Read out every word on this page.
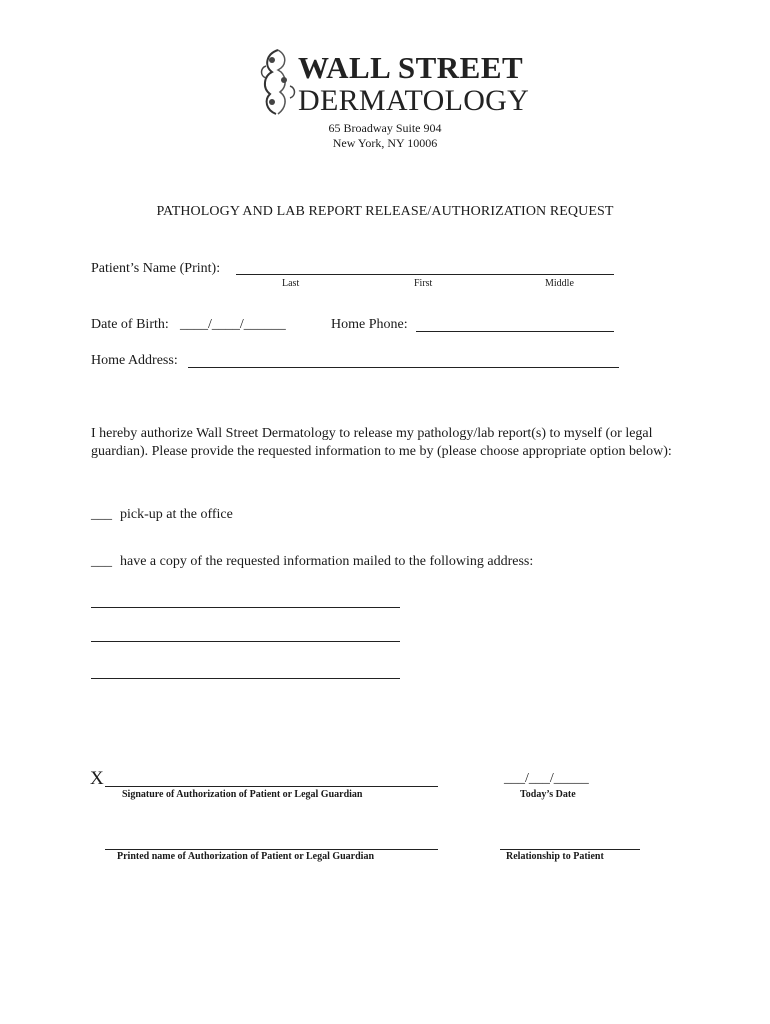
WALL STREET
DERMATOLOGY
65 Broadway Suite 904
New York, NY 10006
PATHOLOGY AND LAB REPORT RELEASE/AUTHORIZATION REQUEST
Patient’s Name (Print):
Last	First	Middle
Date of Birth: ____/____/______	Home Phone:
Home Address:
I hereby authorize Wall Street Dermatology to release my pathology/lab report(s) to myself (or legal guardian). Please provide the requested information to me by (please choose appropriate option below):
___ pick-up at the office
___ have a copy of the requested information mailed to the following address:
X
Signature of Authorization of Patient or Legal Guardian
___/___/_____
Today’s Date
Printed name of Authorization of Patient or Legal Guardian	Relationship to Patient
